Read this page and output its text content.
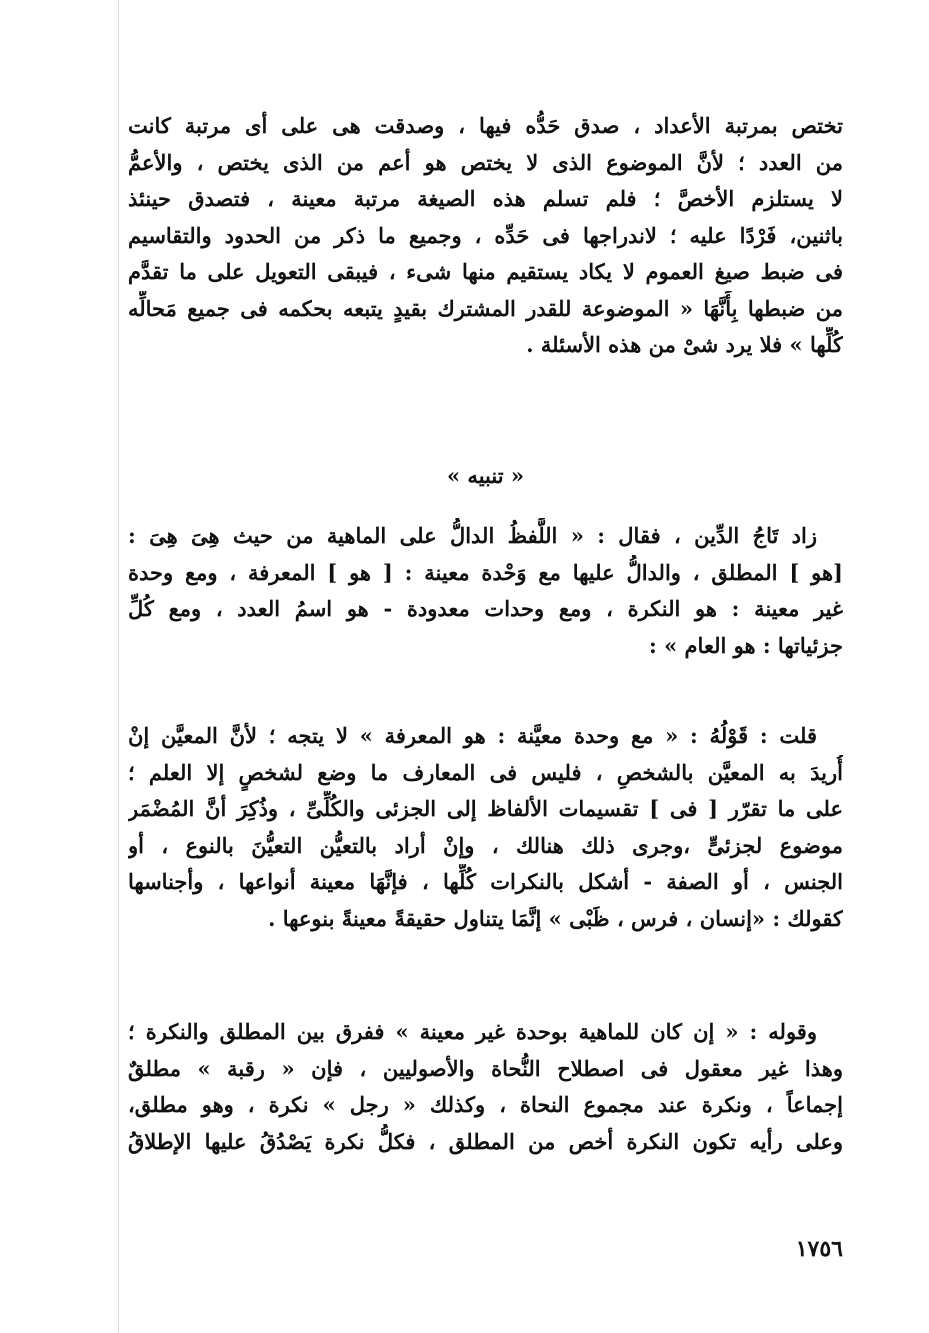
تختص بمرتبة الأعداد ، صدق حَدُّه فيها ، وصدقت هى على أى مرتبة كانت
من العدد ؛ لأنَّ الموضوع الذى لا يختص هو أعم من الذى يختص ، والأعمُّ
لا يستلزم الأخصَّ ؛ فلم تسلم هذه الصيغة مرتبة معينة ، فتصدق حينئذ
باثنين، فَرْدًا عليه ؛ لاندراجها فى حَدِّه ، وجميع ما ذكر من الحدود والتقاسيم
فى ضبط صيغ العموم لا يكاد يستقيم منها شىء ، فيبقى التعويل على ما تقدَّم
من ضبطها بِأَنَّهَا « الموضوعة للقدر المشترك بقيدٍ يتبعه بحكمه فى جميع مَحالِّه
كُلِّها » فلا يرد شىْ من هذه الأسئلة .
« تنبيه »
زاد تَاجُ الدِّين ، فقال : « اللَّفظُ الدالُّ على الماهية من حيث هِىَ هِىَ :
[هو ] المطلق ، والدالُّ عليها مع وَحْدة معينة : [ هو ] المعرفة ، ومع وحدة
غير معينة : هو النكرة ، ومع وحدات معدودة - هو اسمُ العدد ، ومع كُلِّ
جزئياتها : هو العام » :
قلت : قَوْلُهُ : « مع وحدة معيَّنة : هو المعرفة » لا يتجه ؛ لأنَّ المعيَّن إنْ
أُريدَ به المعيَّن بالشخصِ ، فليس فى المعارف ما وضع لشخصٍ إلا العلم ؛
على ما تقرّر [ فى ] تقسيمات الألفاظ إلى الجزئى والكُلِّىِّ ، وذُكِرَ أنَّ المُضْمَر
موضوع لجزئىٍّ ،وجرى ذلك هنالك ، وإنْ أراد بالتعيُّن التعيُّنَ بالنوع ، أو
الجنس ، أو الصفة - أشكل بالنكرات كُلِّها ، فإنَّهَا معينة أنواعها ، وأجناسها
كقولك : «إنسان ، فرس ، ظَبْى » إنَّمَا يتناول حقيقةً معينةً بنوعها .
وقوله : « إن كان للماهية بوحدة غير معينة » ففرق بين المطلق والنكرة ؛
وهذا غير معقول فى اصطلاح النُّحاة والأصوليين ، فإن « رقبة » مطلقٌ
إجماعاً ، ونكرة عند مجموع النحاة ، وكذلك « رجل » نكرة ، وهو مطلق،
وعلى رأيه تكون النكرة أخص من المطلق ، فكلُّ نكرة يَصْدُقُ عليها الإطلاقُ
١٧٥٦
